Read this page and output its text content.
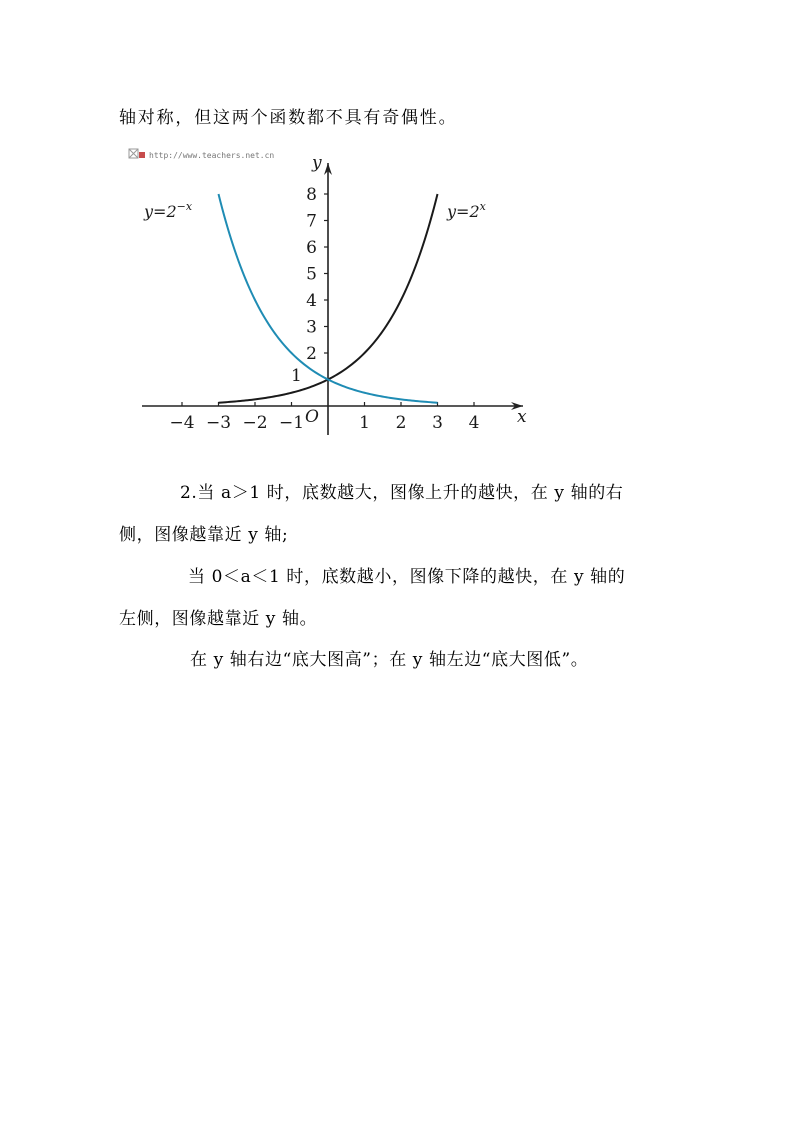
轴对称，但这两个函数都不具有奇偶性。
http://www.teachers.net.cn
x
y
O
−4 −3 −2 −1	1 2 3 4
2
3
4
5
6
7
8
1
$y=2^{-x}$	$y=2^x$
2.当 a＞1 时，底数越大，图像上升的越快，在 y 轴的右
侧，图像越靠近 y 轴;
当 0＜a＜1 时，底数越小，图像下降的越快，在 y 轴的
左侧，图像越靠近 y 轴。
在 y 轴右边“底大图高”；在 y 轴左边“底大图低”。
